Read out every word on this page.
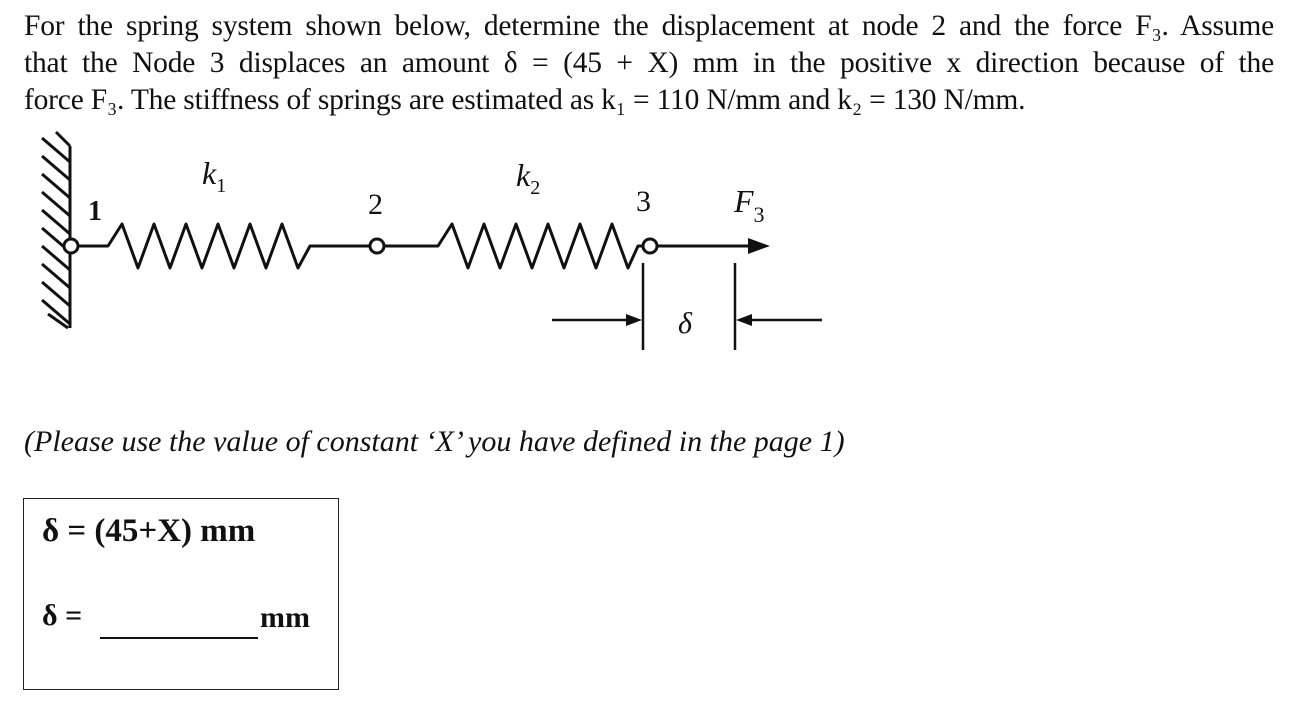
For the spring system shown below, determine the displacement at node 2 and the force F₃. Assume
that the Node 3 displaces an amount δ = (45 + X) mm in the positive x direction because of the
force F₃. The stiffness of springs are estimated as k₁ = 110 N/mm and k₂ = 130 N/mm.
1	2	3
$k_1$	$k_2$	$F_3$
δ
(Please use the value of constant ‘X’ you have defined in the page 1)
δ = (45+X) mm
δ =	mm
